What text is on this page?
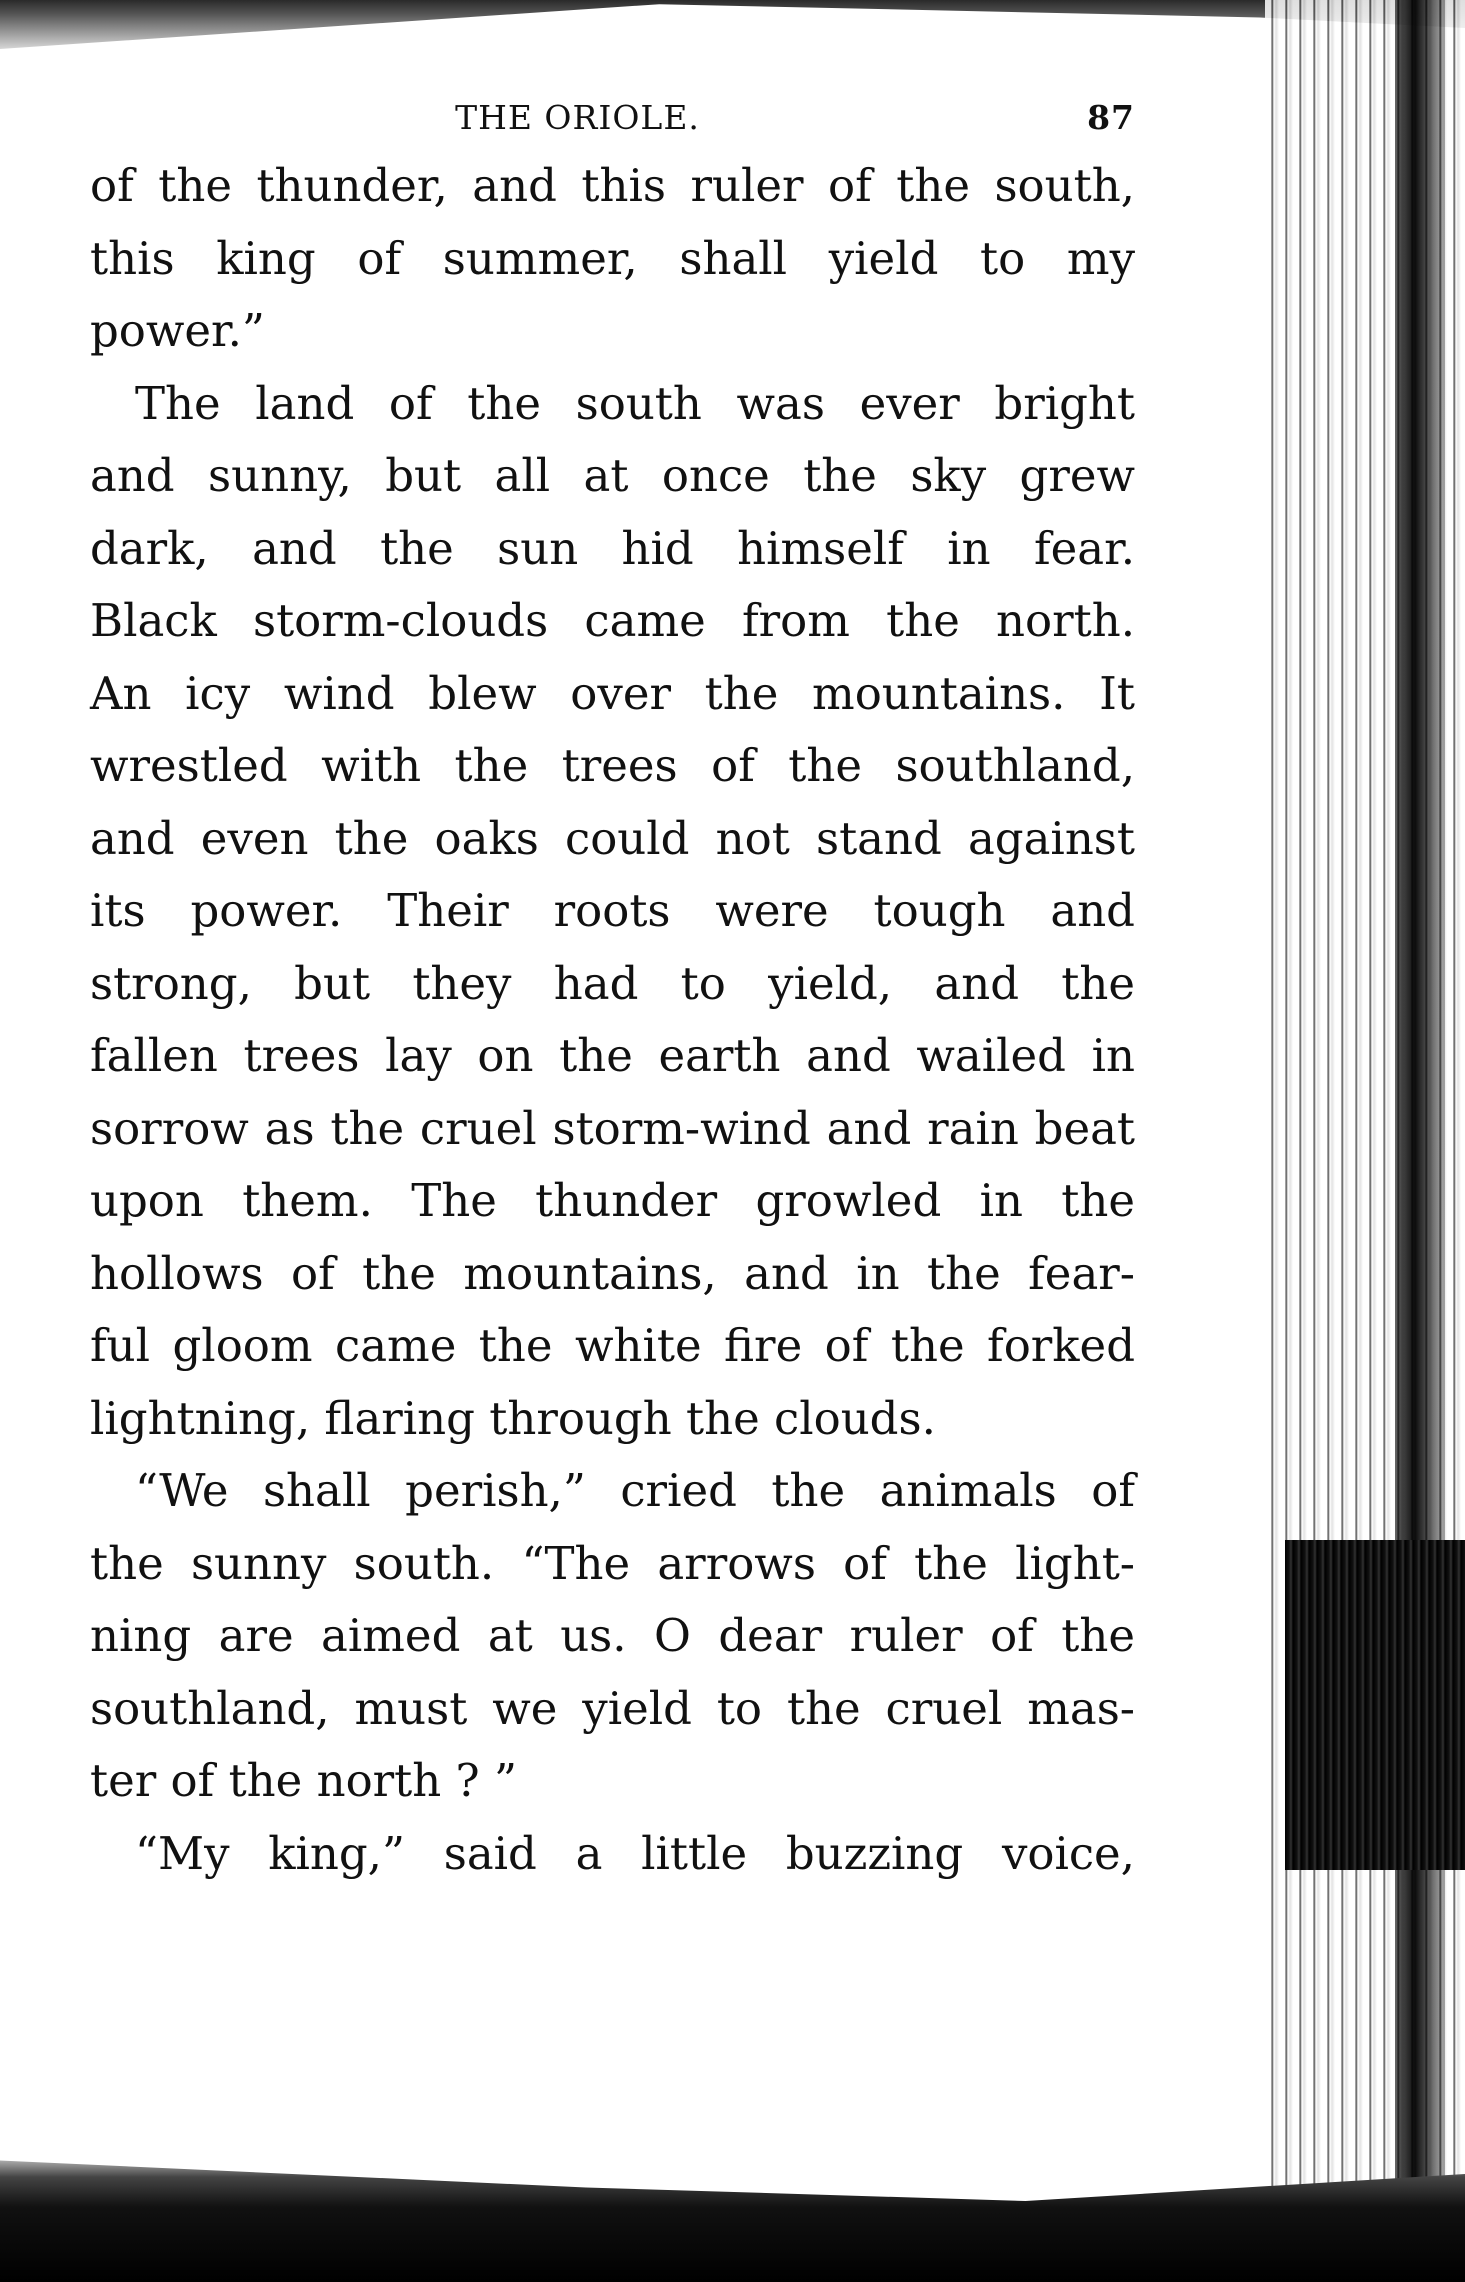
THE ORIOLE.	87

of the thunder, and this ruler of the south,
this king of summer, shall yield to my
power.”

The land of the south was ever bright
and sunny, but all at once the sky grew
dark, and the sun hid himself in fear.
Black storm-clouds came from the north.
An icy wind blew over the mountains. It
wrestled with the trees of the southland,
and even the oaks could not stand against
its power. Their roots were tough and
strong, but they had to yield, and the
fallen trees lay on the earth and wailed in
sorrow as the cruel storm-wind and rain beat
upon them. The thunder growled in the
hollows of the mountains, and in the fear-
ful gloom came the white fire of the forked
lightning, flaring through the clouds.

“We shall perish,” cried the animals of
the sunny south. “The arrows of the light-
ning are aimed at us. O dear ruler of the
southland, must we yield to the cruel mas-
ter of the north ? ”

“My king,” said a little buzzing voice,
